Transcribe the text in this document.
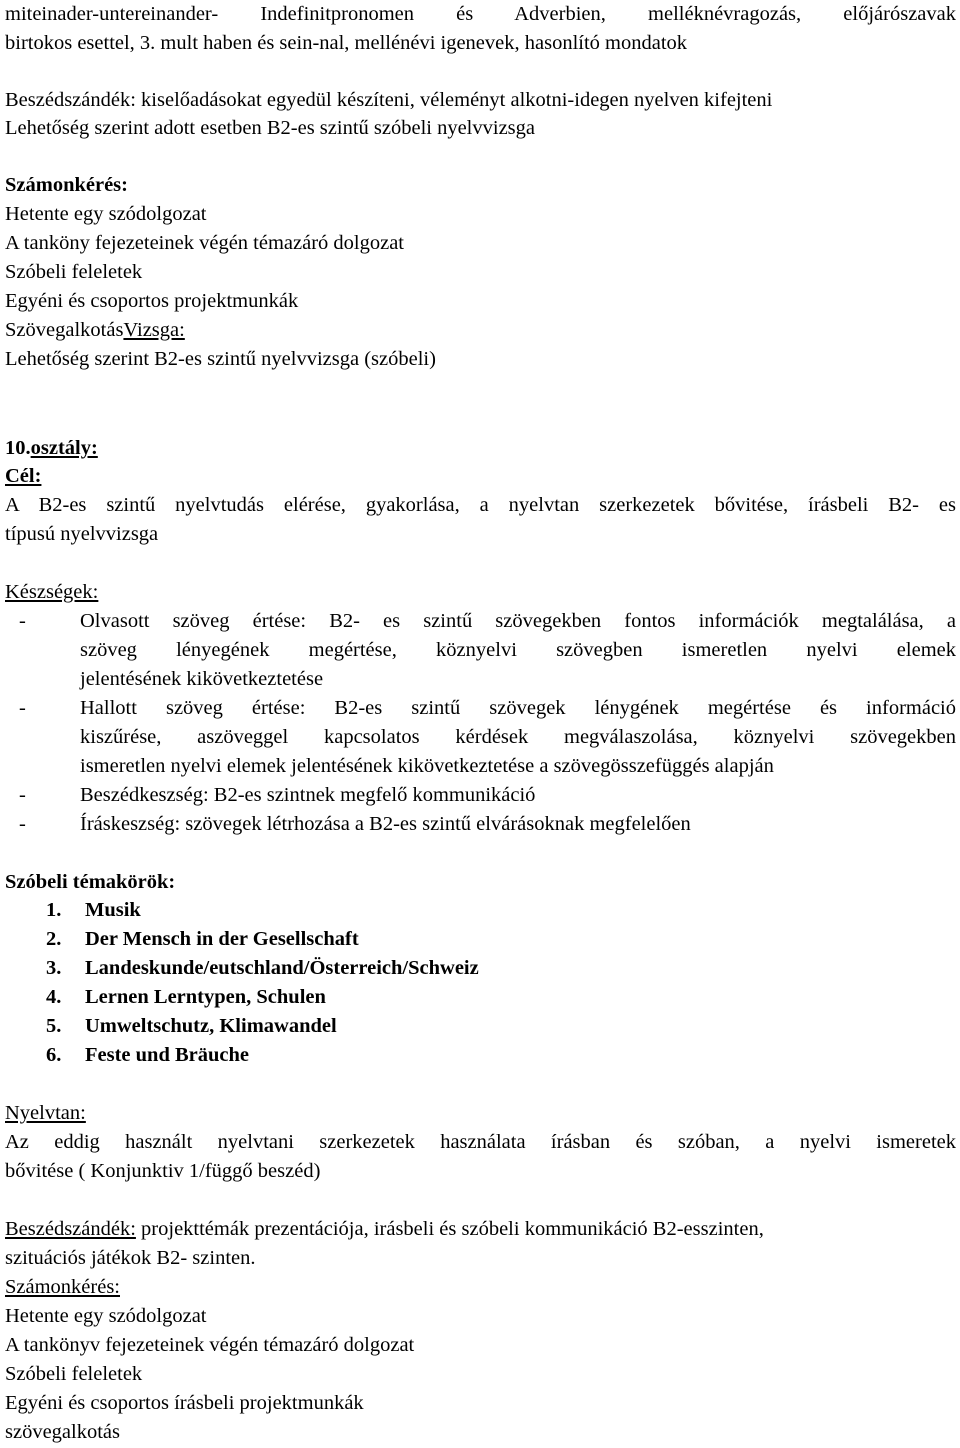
miteinader-untereinander- Indefinitpronomen és Adverbien, melléknévragozás, előjárószavak
birtokos esettel, 3. mult haben és sein-nal, mellénévi igenevek, hasonlító mondatok
Beszédszándék: kiselőadásokat egyedül készíteni, véleményt alkotni-idegen nyelven kifejteni
Lehetőség szerint adott esetben B2-es szintű szóbeli nyelvvizsga
Számonkérés:
Hetente egy szódolgozat
A tanköny fejezeteinek végén témazáró dolgozat
Szóbeli feleletek
Egyéni és csoportos projektmunkák
SzövegalkotásVizsga:
Lehetőség szerint B2-es szintű nyelvvizsga (szóbeli)
10.osztály:
Cél:
A B2-es szintű nyelvtudás elérése, gyakorlása, a nyelvtan szerkezetek bővitése, írásbeli B2- es
típusú nyelvvizsga
Készségek:
-	Olvasott szöveg értése: B2- es szintű szövegekben fontos információk megtalálása, a
szöveg lényegének megértése, köznyelvi szövegben ismeretlen nyelvi elemek
jelentésének kikövetkeztetése
-	Hallott szöveg értése: B2-es szintű szövegek lénygének megértése és információ
kiszűrése, aszöveggel kapcsolatos kérdések megválaszolása, köznyelvi szövegekben
ismeretlen nyelvi elemek jelentésének kikövetkeztetése a szövegösszefüggés alapján
-	Beszédkeszség: B2-es szintnek megfelő kommunikáció
-	Íráskeszség: szövegek létrhozása a B2-es szintű elvárásoknak megfelelően
Szóbeli témakörök:
1. Musik
2. Der Mensch in der Gesellschaft
3. Landeskunde/eutschland/Österreich/Schweiz
4. Lernen Lerntypen, Schulen
5. Umweltschutz, Klimawandel
6. Feste und Bräuche
Nyelvtan:
Az eddig használt nyelvtani szerkezetek használata írásban és szóban, a nyelvi ismeretek
bővitése ( Konjunktiv 1/függő beszéd)
Beszédszándék: projekttémák prezentációja, irásbeli és szóbeli kommunikáció B2-esszinten,
szituációs játékok B2- szinten.
Számonkérés:
Hetente egy szódolgozat
A tankönyv fejezeteinek végén témazáró dolgozat
Szóbeli feleletek
Egyéni és csoportos írásbeli projektmunkák
szövegalkotás
